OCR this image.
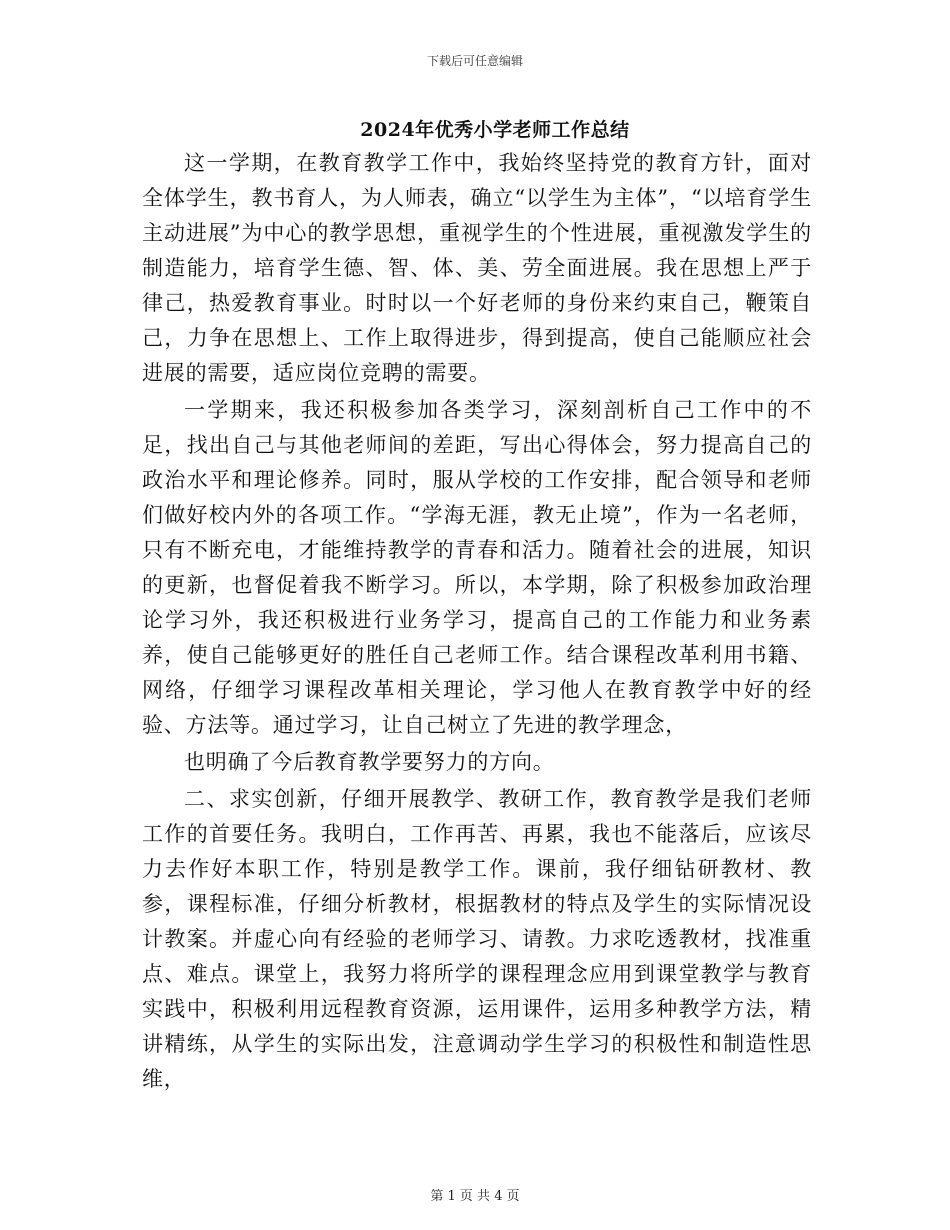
下载后可任意编辑
2024年优秀小学老师工作总结

这一学期，在教育教学工作中，我始终坚持党的教育方针，面对全体学生，教书育人，为人师表，确立“以学生为主体”，“以培育学生主动进展”为中心的教学思想，重视学生的个性进展，重视激发学生的制造能力，培育学生德、智、体、美、劳全面进展。我在思想上严于律己，热爱教育事业。时时以一个好老师的身份来约束自己，鞭策自己，力争在思想上、工作上取得进步，得到提高，使自己能顺应社会进展的需要，适应岗位竞聘的需要。

一学期来，我还积极参加各类学习，深刻剖析自己工作中的不足，找出自己与其他老师间的差距，写出心得体会，努力提高自己的政治水平和理论修养。同时，服从学校的工作安排，配合领导和老师们做好校内外的各项工作。“学海无涯，教无止境”，作为一名老师，只有不断充电，才能维持教学的青春和活力。随着社会的进展，知识的更新，也督促着我不断学习。所以，本学期，除了积极参加政治理论学习外，我还积极进行业务学习，提高自己的工作能力和业务素养，使自己能够更好的胜任自己老师工作。结合课程改革利用书籍、网络，仔细学习课程改革相关理论，学习他人在教育教学中好的经验、方法等。通过学习，让自己树立了先进的教学理念，

也明确了今后教育教学要努力的方向。

二、求实创新，仔细开展教学、教研工作，教育教学是我们老师工作的首要任务。我明白，工作再苦、再累，我也不能落后，应该尽力去作好本职工作，特别是教学工作。课前，我仔细钻研教材、教参，课程标准，仔细分析教材，根据教材的特点及学生的实际情况设计教案。并虚心向有经验的老师学习、请教。力求吃透教材，找准重点、难点。课堂上，我努力将所学的课程理念应用到课堂教学与教育实践中，积极利用远程教育资源，运用课件，运用多种教学方法，精讲精练，从学生的实际出发，注意调动学生学习的积极性和制造性思维，

第 1 页 共 4 页
